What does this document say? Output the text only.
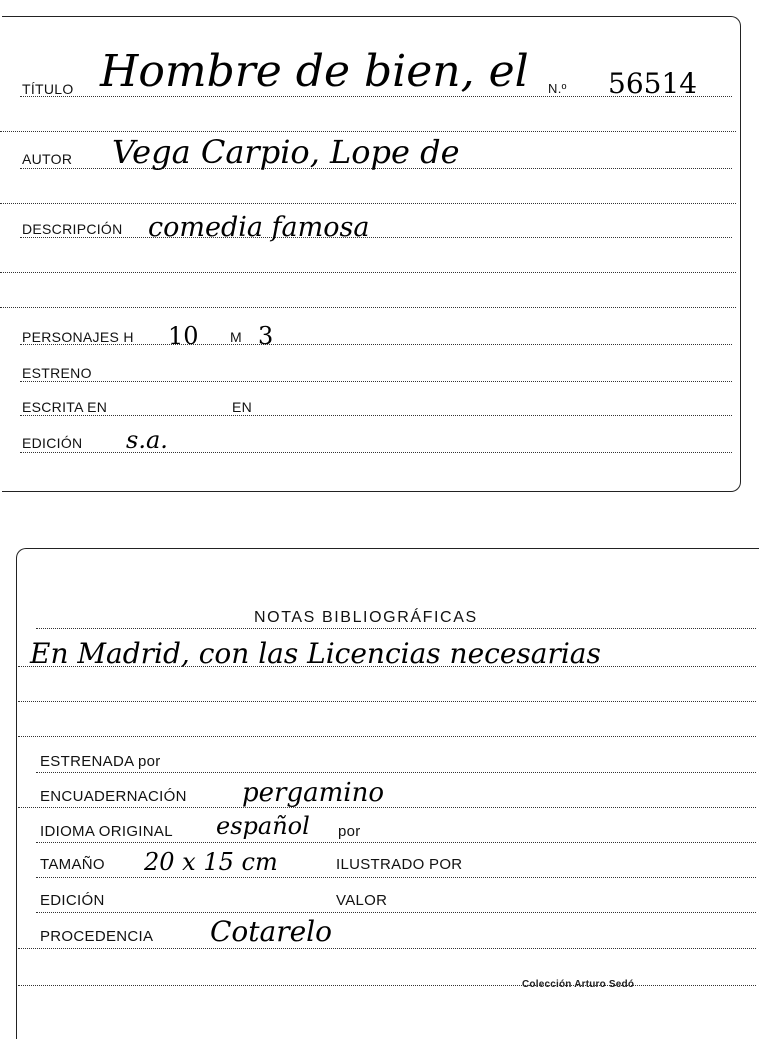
TÍTULO Hombre de bien, el N.º 56514
AUTOR Vega Carpio, Lope de
DESCRIPCIÓN comedia famosa
PERSONAJES H 10 M 3
ESTRENO
ESCRITA EN	EN
EDICIÓN s.a.
NOTAS BIBLIOGRÁFICAS
En Madrid, con las Licencias necesarias
ESTRENADA por
ENCUADERNACIÓN pergamino
IDIOMA ORIGINAL español por
TAMAÑO 20 x 15 cm	ILUSTRADO POR
EDICIÓN	VALOR
PROCEDENCIA Cotarelo
Colección Arturo Sedó
